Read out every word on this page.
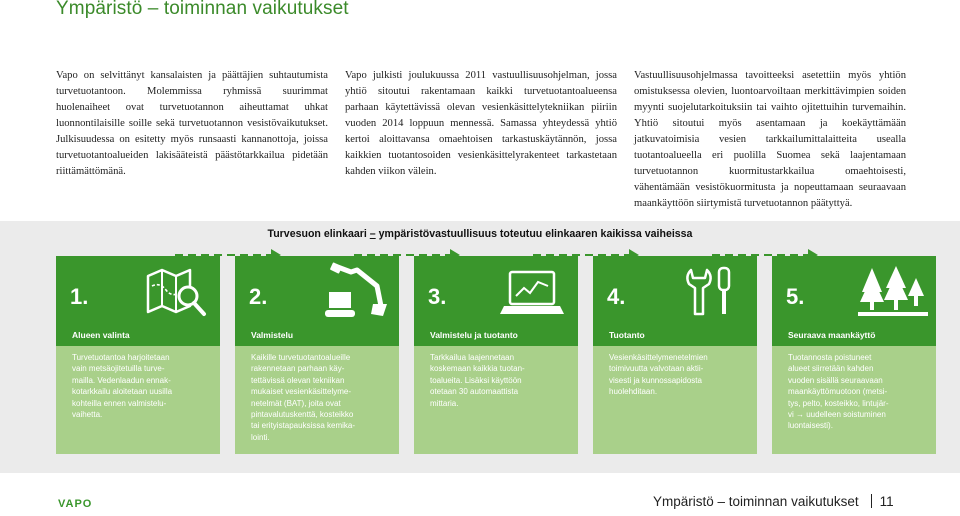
Ympäristö – toiminnan vaikutukset

Vapo on selvittänyt kansalaisten ja päättäjien suhtautumista turvetuotantoon. Molemmissa ryhmissä suurimmat huolenaiheet ovat turvetuotannon aiheuttamat uhkat luonnontilaisille soille sekä turvetuotannon vesistövaikutukset. Julkisuudessa on esitetty myös runsaasti kannanottoja, joissa turvetuotantoalueiden lakisääteistä päästötarkkailua pidetään riittämättömänä.

Vapo julkisti joulukuussa 2011 vastuullisuusohjelman, jossa yhtiö sitoutui rakentamaan kaikki turvetuotantoalueensa parhaan käytettävissä olevan vesienkäsittelytekniikan piiriin vuoden 2014 loppuun mennessä. Samassa yhteydessä yhtiö kertoi aloittavansa omaehtoisen tarkastuskäytännön, jossa kaikkien tuotantosoiden vesienkäsittelyrakenteet tarkastetaan kahden viikon välein.

Vastuullisuusohjelmassa tavoitteeksi asetettiin myös yhtiön omistuksessa olevien, luontoarvoiltaan merkittävimpien soiden myynti suojelutarkoituksiin tai vaihto ojitettuihin turvemaihin. Yhtiö sitoutui myös asentamaan ja koekäyttämään jatkuvatoimisia vesien tarkkailumittalaitteita usealla tuotantoalueella eri puolilla Suomea sekä laajentamaan turvetuotannon kuormitustarkkailua omaehtoisesti, vähentämään vesistökuormitusta ja nopeuttamaan seuraavaan maankäyttöön siirtymistä turvetuotannon päätyttyä.

Turvesuon elinkaari – ympäristövastuullisuus toteutuu elinkaaren kaikissa vaiheissa
1.
Alueen valinta

Turvetuotantoa harjoitetaan
vain metsäojitetuilla turve-
mailla. Vedenlaadun ennak-
kotarkkailu aloitetaan uusilla
kohteilla ennen valmistelu-
vaihetta.

2.
Valmistelu

Kaikille turvetuotantoalueille
rakennetaan parhaan käy-
tettävissä olevan tekniikan
mukaiset vesienkäsittelyme-
netelmät (BAT), joita ovat
pintavalutuskenttä, kosteikko
tai erityistapauksissa kemika-
lointi.

3.
Valmistelu ja tuotanto

Tarkkailua laajennetaan
koskemaan kaikkia tuotan-
toalueita. Lisäksi käyttöön
otetaan 30 automaattista
mittaria.

4.
Tuotanto

Vesienkäsittelymenetelmien
toimivuutta valvotaan aktii-
visesti ja kunnossapidosta
huolehditaan.

5.
Seuraava maankäyttö

Tuotannosta poistuneet
alueet siirretään kahden
vuoden sisällä seuraavaan
maankäyttömuotoon (metsi-
tys, pelto, kosteikko, lintujär-
vi → uudelleen soistuminen
luontaisesti).

VAPO	Ympäristö – toiminnan vaikutukset 11
